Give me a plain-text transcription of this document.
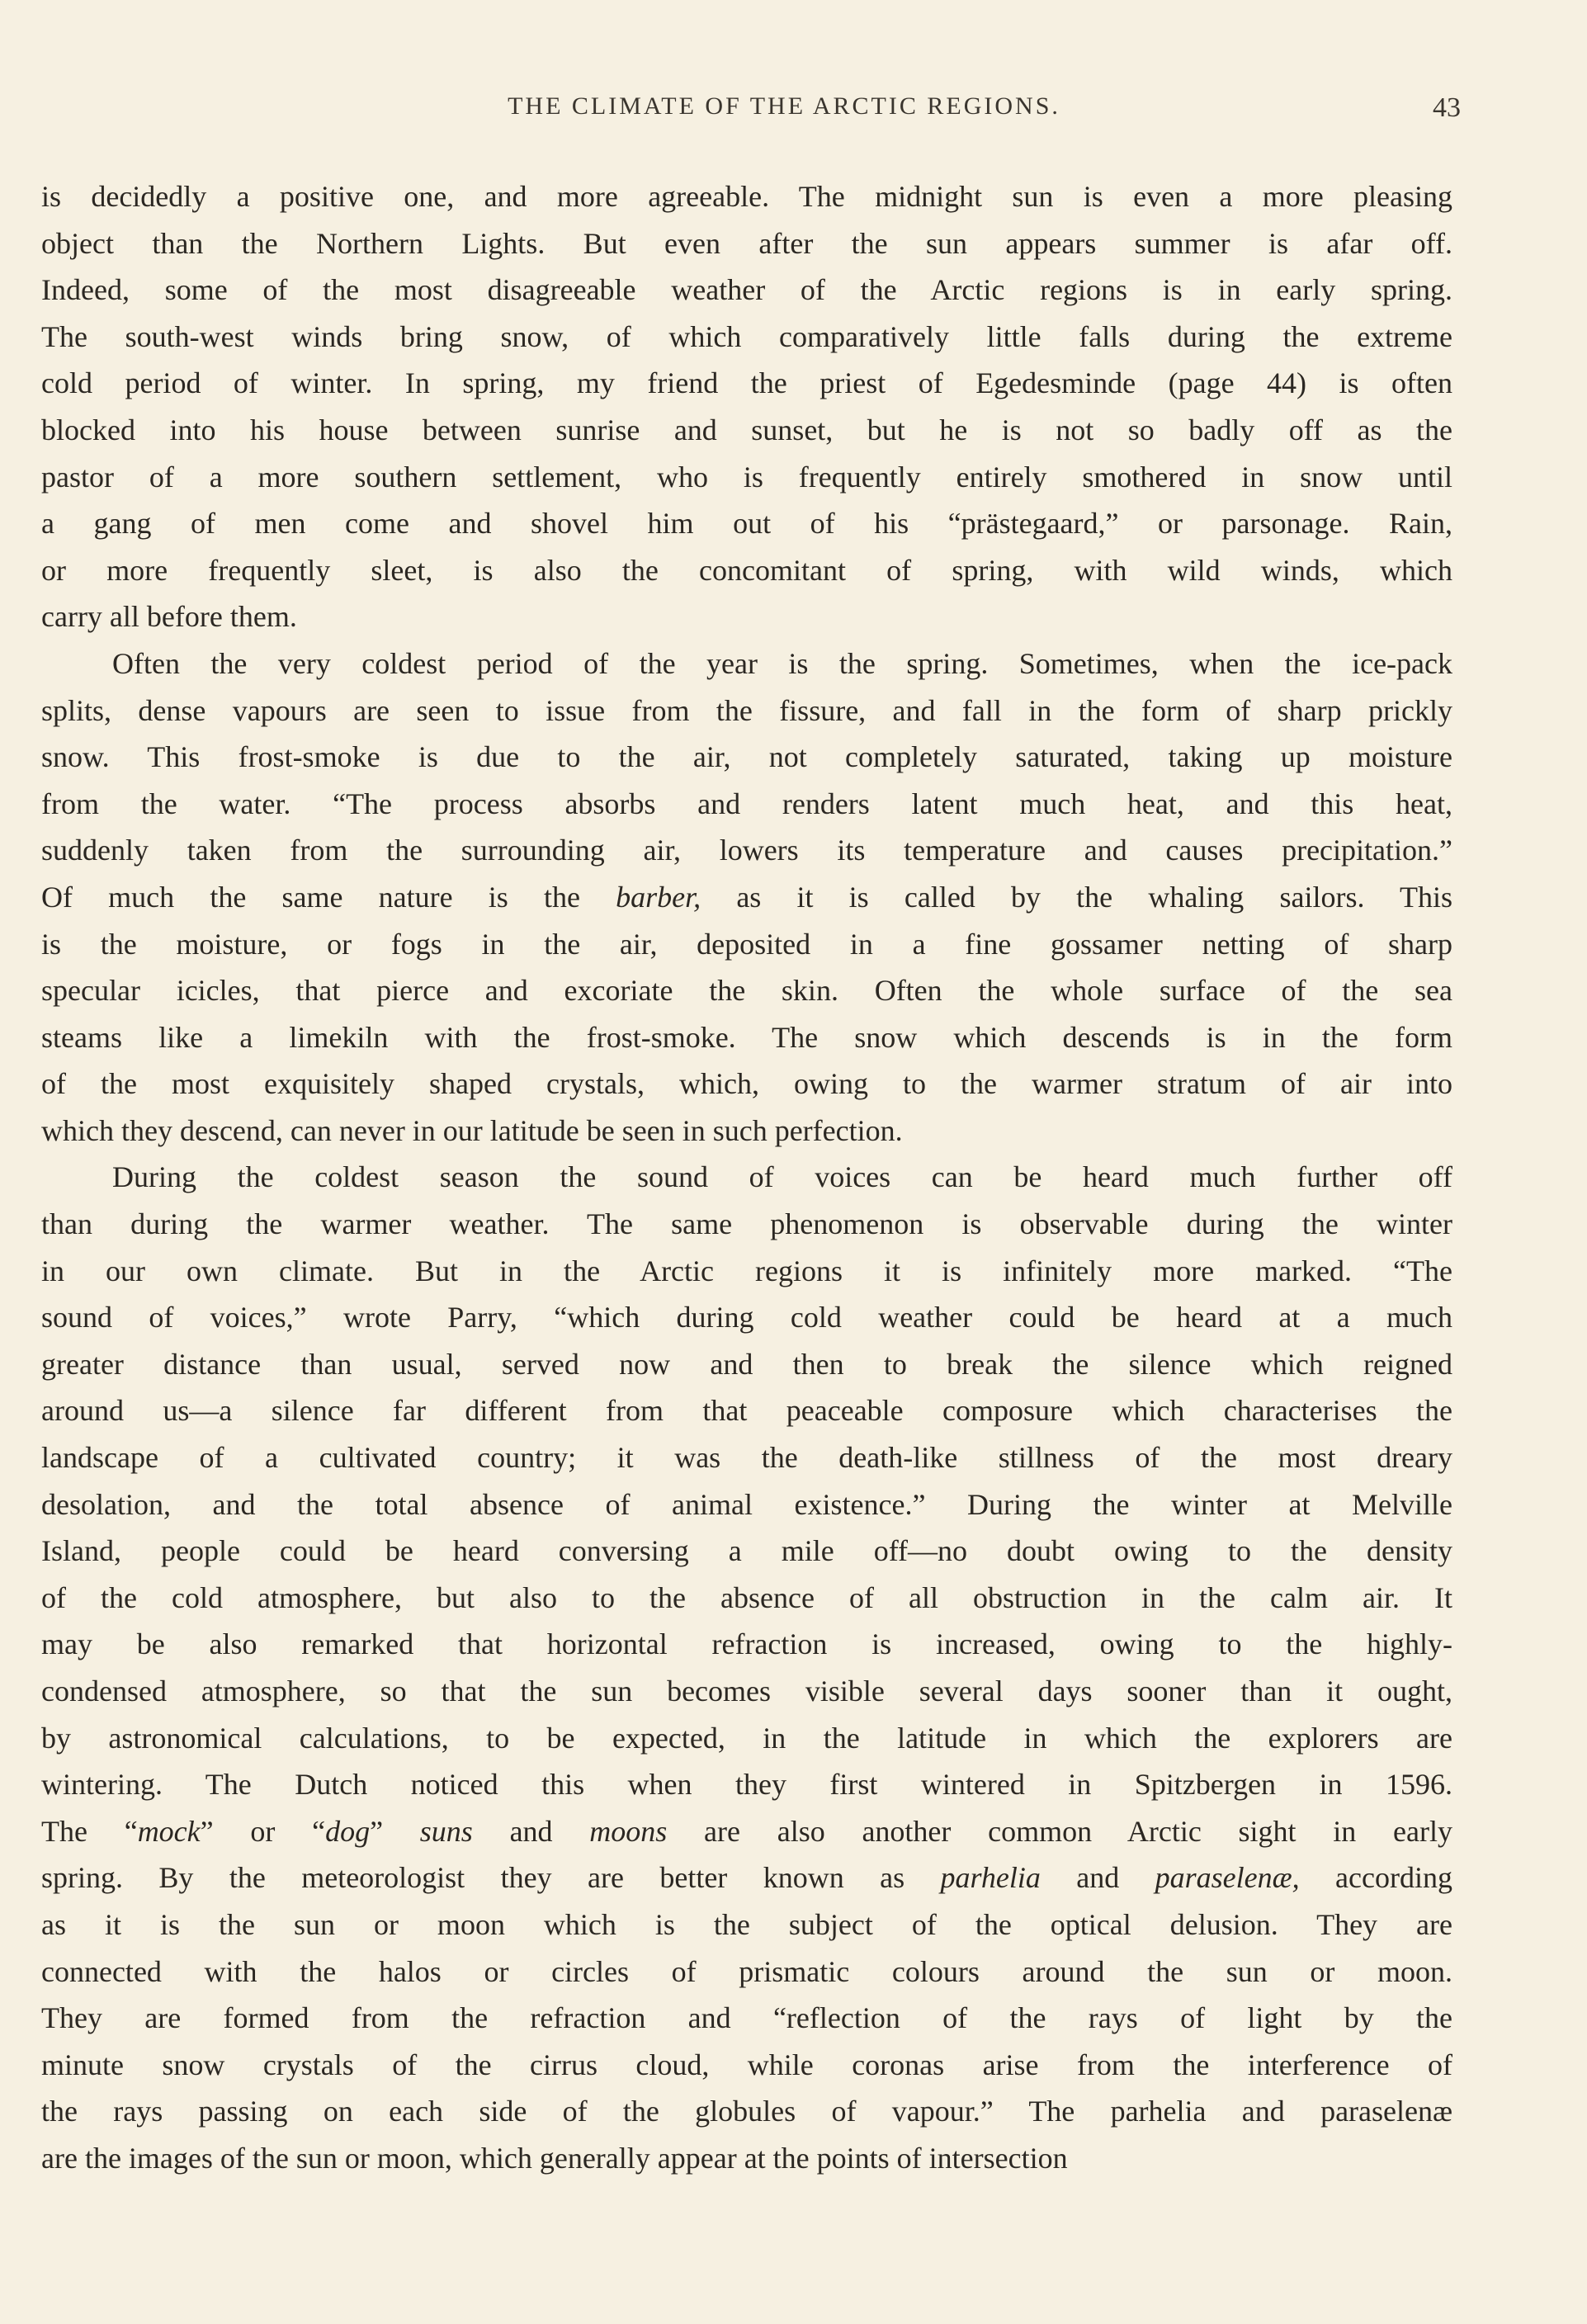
THE CLIMATE OF THE ARCTIC REGIONS.	43
is decidedly a positive one, and more agreeable. The midnight sun is even a more pleasing
object than the Northern Lights. But even after the sun appears summer is afar off.
Indeed, some of the most disagreeable weather of the Arctic regions is in early spring.
The south-west winds bring snow, of which comparatively little falls during the extreme
cold period of winter. In spring, my friend the priest of Egedesminde (page 44) is often
blocked into his house between sunrise and sunset, but he is not so badly off as the
pastor of a more southern settlement, who is frequently entirely smothered in snow until
a gang of men come and shovel him out of his “prästegaard,” or parsonage. Rain,
or more frequently sleet, is also the concomitant of spring, with wild winds, which
carry all before them.
Often the very coldest period of the year is the spring. Sometimes, when the ice-pack
splits, dense vapours are seen to issue from the fissure, and fall in the form of sharp prickly
snow. This frost-smoke is due to the air, not completely saturated, taking up moisture
from the water. “The process absorbs and renders latent much heat, and this heat,
suddenly taken from the surrounding air, lowers its temperature and causes precipitation.”
Of much the same nature is the barber, as it is called by the whaling sailors. This
is the moisture, or fogs in the air, deposited in a fine gossamer netting of sharp
specular icicles, that pierce and excoriate the skin. Often the whole surface of the sea
steams like a limekiln with the frost-smoke. The snow which descends is in the form
of the most exquisitely shaped crystals, which, owing to the warmer stratum of air into
which they descend, can never in our latitude be seen in such perfection.
During the coldest season the sound of voices can be heard much further off
than during the warmer weather. The same phenomenon is observable during the winter
in our own climate. But in the Arctic regions it is infinitely more marked. “The
sound of voices,” wrote Parry, “which during cold weather could be heard at a much
greater distance than usual, served now and then to break the silence which reigned
around us—a silence far different from that peaceable composure which characterises the
landscape of a cultivated country; it was the death-like stillness of the most dreary
desolation, and the total absence of animal existence.” During the winter at Melville
Island, people could be heard conversing a mile off—no doubt owing to the density
of the cold atmosphere, but also to the absence of all obstruction in the calm air. It
may be also remarked that horizontal refraction is increased, owing to the highly-
condensed atmosphere, so that the sun becomes visible several days sooner than it ought,
by astronomical calculations, to be expected, in the latitude in which the explorers are
wintering. The Dutch noticed this when they first wintered in Spitzbergen in 1596.
The “mock” or “dog” suns and moons are also another common Arctic sight in early
spring. By the meteorologist they are better known as parhelia and paraselenæ, according
as it is the sun or moon which is the subject of the optical delusion. They are
connected with the halos or circles of prismatic colours around the sun or moon.
They are formed from the refraction and “reflection of the rays of light by the
minute snow crystals of the cirrus cloud, while coronas arise from the interference of
the rays passing on each side of the globules of vapour.” The parhelia and paraselenæ
are the images of the sun or moon, which generally appear at the points of intersection
